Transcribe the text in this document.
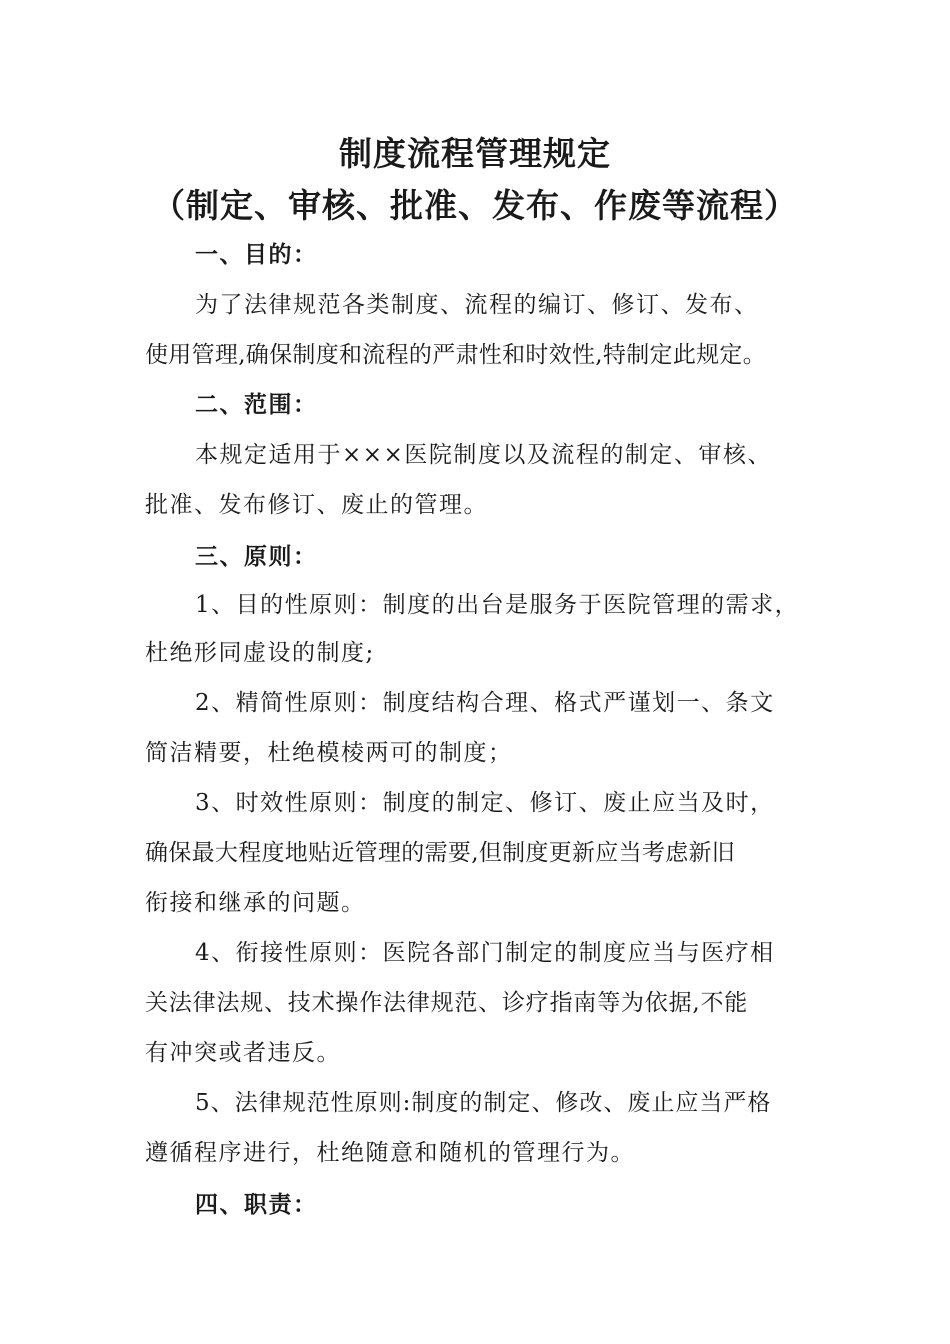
制度流程管理规定
（制定、审核、批准、发布、作废等流程）
一、目的：
为了法律规范各类制度、流程的编订、修订、发布、
使用管理,确保制度和流程的严肃性和时效性,特制定此规定。
二、范围：
本规定适用于×××医院制度以及流程的制定、审核、
批准、发布修订、废止的管理。
三、原则：
1、目的性原则：制度的出台是服务于医院管理的需求，
杜绝形同虚设的制度;
2、精简性原则：制度结构合理、格式严谨划一、条文
简洁精要，杜绝模棱两可的制度；
3、时效性原则：制度的制定、修订、废止应当及时，
确保最大程度地贴近管理的需要,但制度更新应当考虑新旧
衔接和继承的问题。
4、衔接性原则：医院各部门制定的制度应当与医疗相
关法律法规、技术操作法律规范、诊疗指南等为依据,不能
有冲突或者违反。
5、法律规范性原则:制度的制定、修改、废止应当严格
遵循程序进行，杜绝随意和随机的管理行为。
四、职责：
